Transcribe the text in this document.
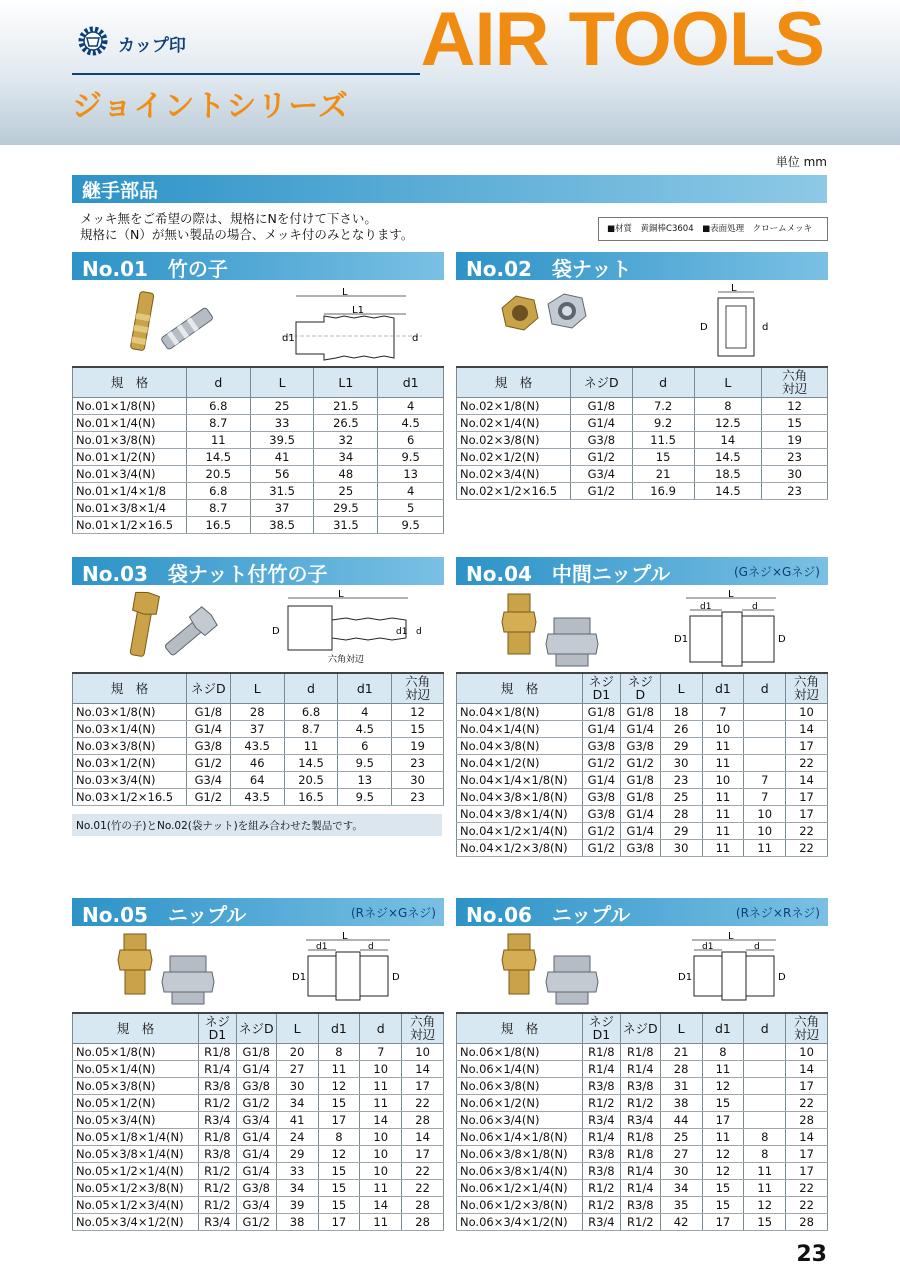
カップ印	AIR TOOLS
ジョイントシリーズ
単位 mm
継手部品
メッキ無をご希望の際は、規格にNを付けて下さい。
規格に（N）が無い製品の場合、メッキ付のみとなります。	■材質　黄銅棒C3604　■表面処理　クロームメッキ
No.01　竹の子
L
L1
d1	d
規　格	d	L	L1	d1
No.01×1/8(N)	6.8	25	21.5	4
No.01×1/4(N)	8.7	33	26.5	4.5
No.01×3/8(N)	11	39.5	32	6
No.01×1/2(N)	14.5	41	34	9.5
No.01×3/4(N)	20.5	56	48	13
No.01×1/4×1/8	6.8	31.5	25	4
No.01×3/8×1/4	8.7	37	29.5	5
No.01×1/2×16.5	16.5	38.5	31.5	9.5
No.02　袋ナット
L
D	d
規　格	ネジD	d	L	六角
対辺
No.02×1/8(N)	G1/8	7.2	8	12
No.02×1/4(N)	G1/4	9.2	12.5	15
No.02×3/8(N)	G3/8	11.5	14	19
No.02×1/2(N)	G1/2	15	14.5	23
No.02×3/4(N)	G3/4	21	18.5	30
No.02×1/2×16.5	G1/2	16.9	14.5	23
No.03　袋ナット付竹の子
L
D	d1 d
六角対辺
規　格	ネジD	L	d	d1	六角
対辺
No.03×1/8(N)	G1/8	28	6.8	4	12
No.03×1/4(N)	G1/4	37	8.7	4.5	15
No.03×3/8(N)	G3/8	43.5	11	6	19
No.03×1/2(N)	G1/2	46	14.5	9.5	23
No.03×3/4(N)	G3/4	64	20.5	13	30
No.03×1/2×16.5	G1/2	43.5	16.5	9.5	23
No.01(竹の子)とNo.02(袋ナット)を組み合わせた製品です。
No.04　中間ニップル	(Gネジ×Gネジ)
L
d1	d
D1	D
規　格	ネジ
D1	ネジ
D	L	d1	d	六角
対辺
No.04×1/8(N)	G1/8	G1/8	18	7		10
No.04×1/4(N)	G1/4	G1/4	26	10		14
No.04×3/8(N)	G3/8	G3/8	29	11		17
No.04×1/2(N)	G1/2	G1/2	30	11		22
No.04×1/4×1/8(N)	G1/4	G1/8	23	10	7	14
No.04×3/8×1/8(N)	G3/8	G1/8	25	11	7	17
No.04×3/8×1/4(N)	G3/8	G1/4	28	11	10	17
No.04×1/2×1/4(N)	G1/2	G1/4	29	11	10	22
No.04×1/2×3/8(N)	G1/2	G3/8	30	11	11	22
No.05　ニップル	(Rネジ×Gネジ)
L
d1	d
D1	D
規　格	ネジ
D1	ネジD	L	d1	d	六角
対辺
No.05×1/8(N)	R1/8	G1/8	20	8	7	10
No.05×1/4(N)	R1/4	G1/4	27	11	10	14
No.05×3/8(N)	R3/8	G3/8	30	12	11	17
No.05×1/2(N)	R1/2	G1/2	34	15	11	22
No.05×3/4(N)	R3/4	G3/4	41	17	14	28
No.05×1/8×1/4(N)	R1/8	G1/4	24	8	10	14
No.05×3/8×1/4(N)	R3/8	G1/4	29	12	10	17
No.05×1/2×1/4(N)	R1/2	G1/4	33	15	10	22
No.05×1/2×3/8(N)	R1/2	G3/8	34	15	11	22
No.05×1/2×3/4(N)	R1/2	G3/4	39	15	14	28
No.05×3/4×1/2(N)	R3/4	G1/2	38	17	11	28
No.06　ニップル	(Rネジ×Rネジ)
L
d1	d
D1	D
規　格	ネジ
D1	ネジD	L	d1	d	六角
対辺
No.06×1/8(N)	R1/8	R1/8	21	8		10
No.06×1/4(N)	R1/4	R1/4	28	11		14
No.06×3/8(N)	R3/8	R3/8	31	12		17
No.06×1/2(N)	R1/2	R1/2	38	15		22
No.06×3/4(N)	R3/4	R3/4	44	17		28
No.06×1/4×1/8(N)	R1/4	R1/8	25	11	8	14
No.06×3/8×1/8(N)	R3/8	R1/8	27	12	8	17
No.06×3/8×1/4(N)	R3/8	R1/4	30	12	11	17
No.06×1/2×1/4(N)	R1/2	R1/4	34	15	11	22
No.06×1/2×3/8(N)	R1/2	R3/8	35	15	12	22
No.06×3/4×1/2(N)	R3/4	R1/2	42	17	15	28
23
